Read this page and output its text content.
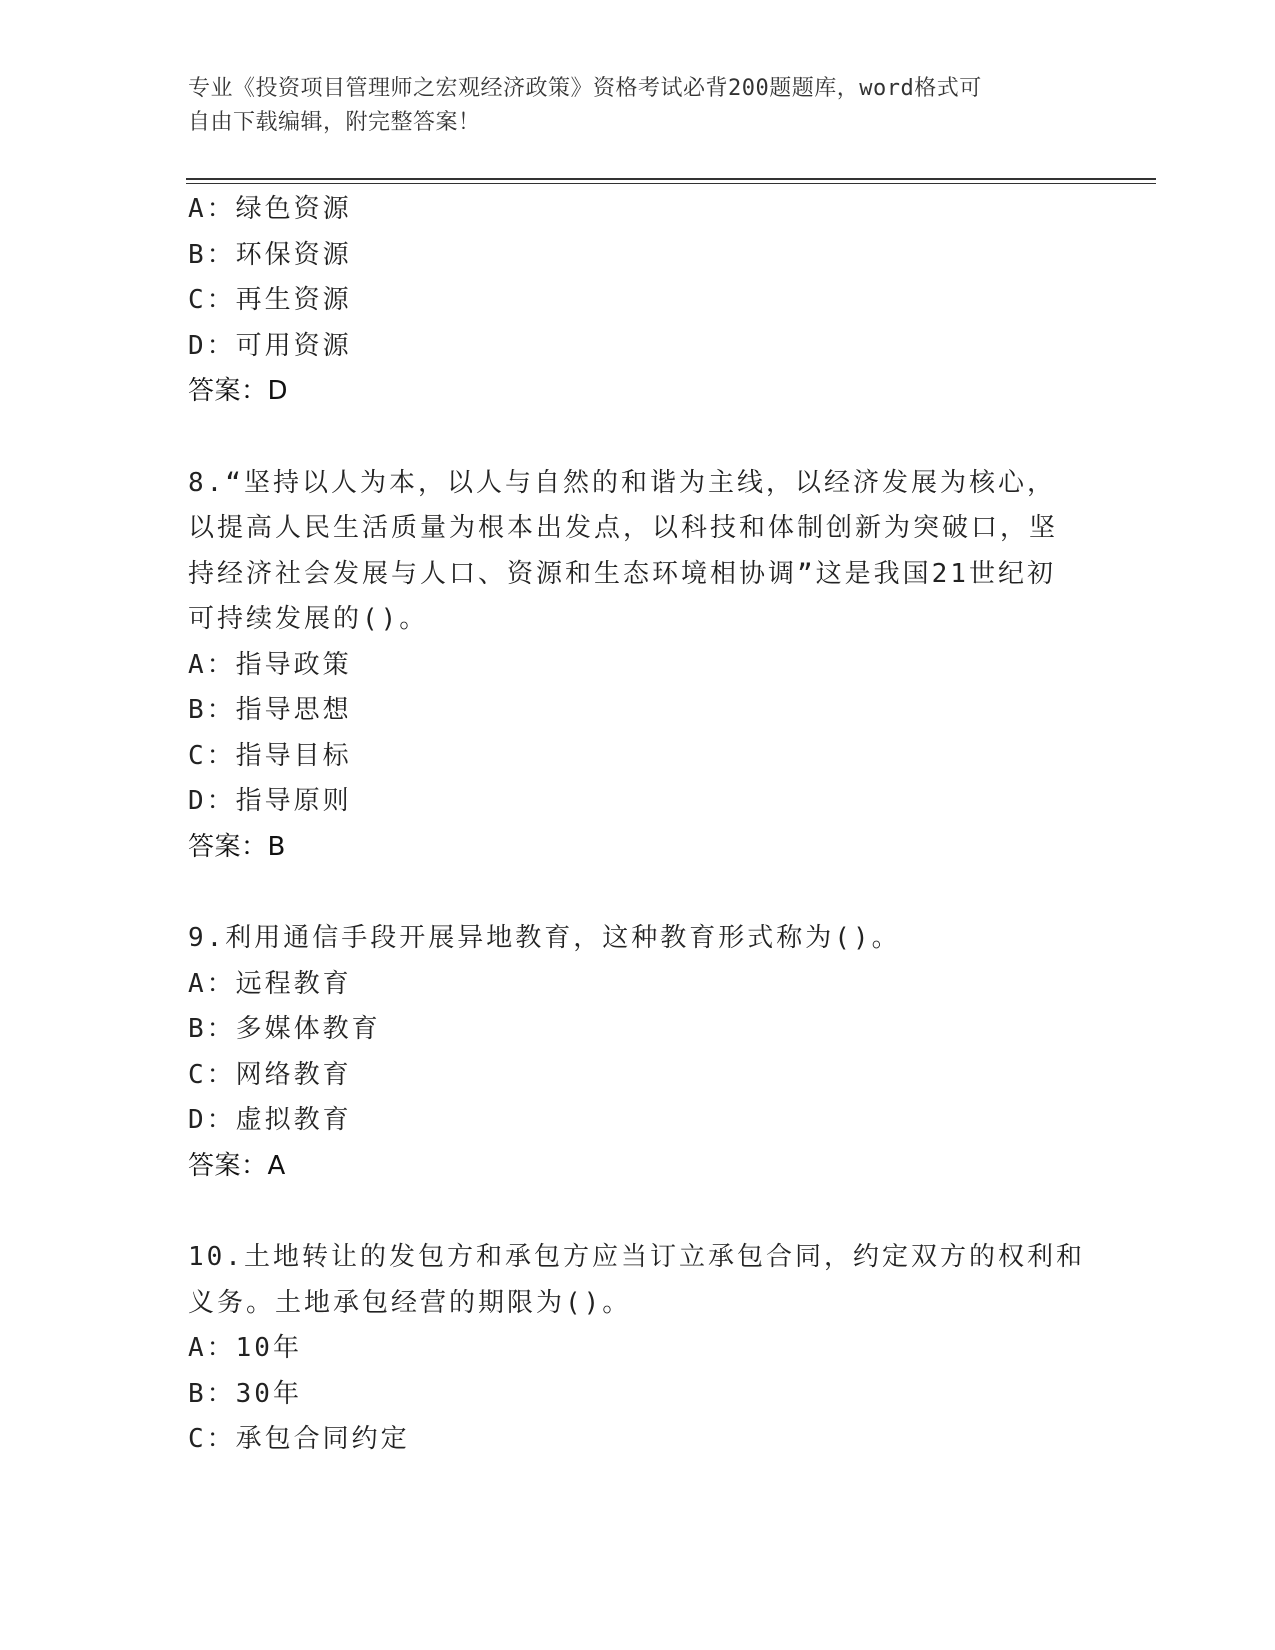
专业《投资项目管理师之宏观经济政策》资格考试必背200题题库，word格式可
自由下载编辑，附完整答案！
A：绿色资源
B：环保资源
C：再生资源
D：可用资源
答案：D
8.“坚持以人为本，以人与自然的和谐为主线，以经济发展为核心，
以提高人民生活质量为根本出发点，以科技和体制创新为突破口，坚
持经济社会发展与人口、资源和生态环境相协调”这是我国21世纪初
可持续发展的()。
A：指导政策
B：指导思想
C：指导目标
D：指导原则
答案：B
9.利用通信手段开展异地教育，这种教育形式称为()。
A：远程教育
B：多媒体教育
C：网络教育
D：虚拟教育
答案：A
10.土地转让的发包方和承包方应当订立承包合同，约定双方的权利和
义务。土地承包经营的期限为()。
A：10年
B：30年
C：承包合同约定
